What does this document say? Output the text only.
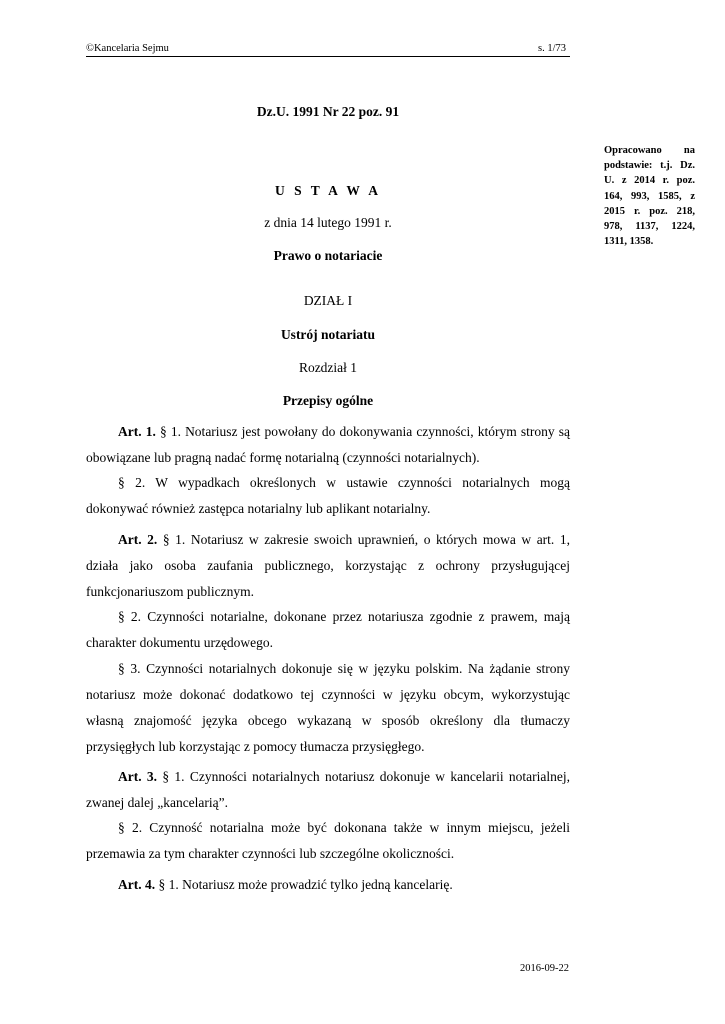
©Kancelaria Sejmu	s. 1/73
Dz.U. 1991 Nr 22 poz. 91
U S T A W A
z dnia 14 lutego 1991 r.
Prawo o notariacie
DZIAŁ I
Ustrój notariatu
Rozdział 1
Przepisy ogólne
Opracowano na podstawie: t.j. Dz. U. z 2014 r. poz. 164, 993, 1585, z 2015 r. poz. 218, 978, 1137, 1224, 1311, 1358.

Art. 1. § 1. Notariusz jest powołany do dokonywania czynności, którym strony są obowiązane lub pragną nadać formę notarialną (czynności notarialnych).

§ 2. W wypadkach określonych w ustawie czynności notarialnych mogą dokonywać również zastępca notarialny lub aplikant notarialny.

Art. 2. § 1. Notariusz w zakresie swoich uprawnień, o których mowa w art. 1, działa jako osoba zaufania publicznego, korzystając z ochrony przysługującej funkcjonariuszom publicznym.

§ 2. Czynności notarialne, dokonane przez notariusza zgodnie z prawem, mają charakter dokumentu urzędowego.

§ 3. Czynności notarialnych dokonuje się w języku polskim. Na żądanie strony notariusz może dokonać dodatkowo tej czynności w języku obcym, wykorzystując własną znajomość języka obcego wykazaną w sposób określony dla tłumaczy przysięgłych lub korzystając z pomocy tłumacza przysięgłego.

Art. 3. § 1. Czynności notarialnych notariusz dokonuje w kancelarii notarialnej, zwanej dalej „kancelarią”.

§ 2. Czynność notarialna może być dokonana także w innym miejscu, jeżeli przemawia za tym charakter czynności lub szczególne okoliczności.

Art. 4. § 1. Notariusz może prowadzić tylko jedną kancelarię.

2016-09-22
